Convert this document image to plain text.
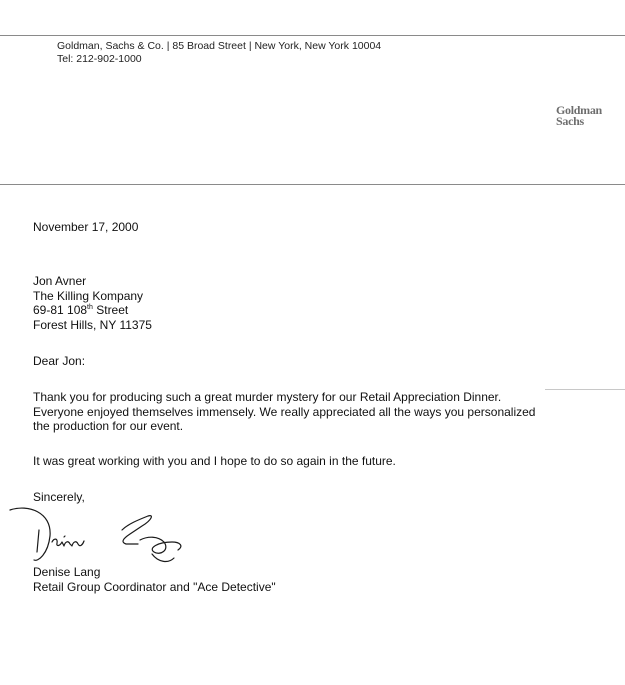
Goldman, Sachs & Co. | 85 Broad Street | New York, New York 10004
Tel: 212-902-1000
Goldman
Sachs
November 17, 2000
Jon Avner
The Killing Kompany
69-81 108th Street
Forest Hills, NY 11375
Dear Jon:
Thank you for producing such a great murder mystery for our Retail Appreciation Dinner.
Everyone enjoyed themselves immensely. We really appreciated all the ways you personalized
the production for our event.
It was great working with you and I hope to do so again in the future.
Sincerely,
Denise Lang
Retail Group Coordinator and "Ace Detective"
